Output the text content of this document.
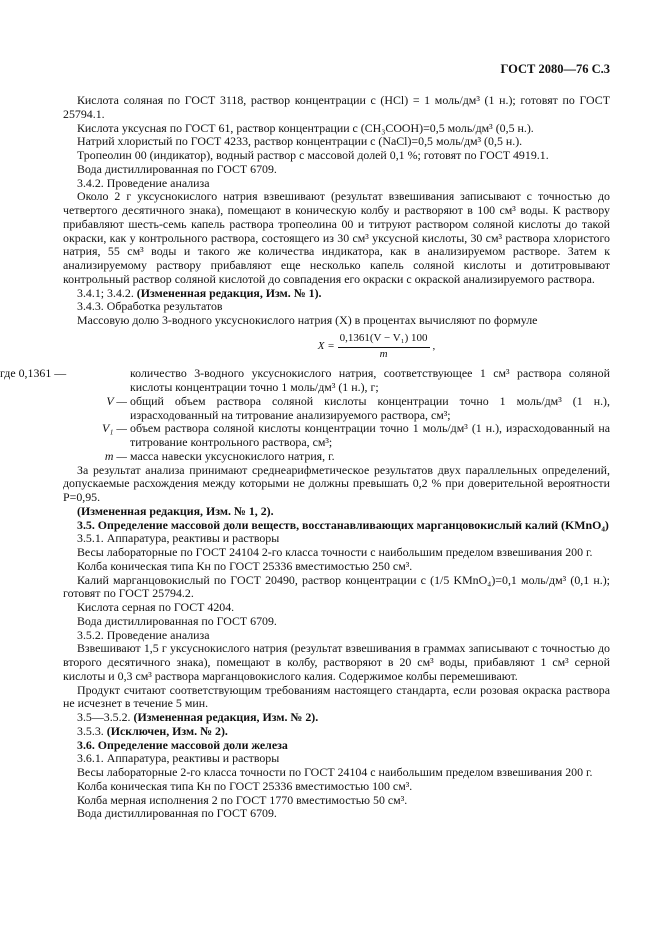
ГОСТ 2080—76 С.3

Кислота соляная по ГОСТ 3118, раствор концентрации c (HCl) = 1 моль/дм³ (1 н.); готовят по ГОСТ 25794.1.

Кислота уксусная по ГОСТ 61, раствор концентрации c (CH₃COOH)=0,5 моль/дм³ (0,5 н.).

Натрий хлористый по ГОСТ 4233, раствор концентрации c (NaCl)=0,5 моль/дм³ (0,5 н.).

Тропеолин 00 (индикатор), водный раствор с массовой долей 0,1 %; готовят по ГОСТ 4919.1.

Вода дистиллированная по ГОСТ 6709.

3.4.2. Проведение анализа

Около 2 г уксуснокислого натрия взвешивают (результат взвешивания записывают с точностью до четвертого десятичного знака), помещают в коническую колбу и растворяют в 100 см³ воды. К раствору прибавляют шесть-семь капель раствора тропеолина 00 и титруют раствором соляной кислоты до такой окраски, как у контрольного раствора, состоящего из 30 см³ уксусной кислоты, 30 см³ раствора хлористого натрия, 55 см³ воды и такого же количества индикатора, как в анализируемом растворе. Затем к анализируемому раствору прибавляют еще несколько капель соляной кислоты и дотитровывают контрольный раствор соляной кислотой до совпадения его окраски с окраской анализируемого раствора.

3.4.1; 3.4.2. (Измененная редакция, Изм. № 1).

3.4.3. Обработка результатов

Массовую долю 3-водного уксуснокислого натрия (X) в процентах вычисляют по формуле

$X = \frac{\text{0,1361(V − V₁) 100}}{m}$ ,
где 0,1361 —	количество 3-водного уксуснокислого натрия, соответствующее 1 см³ раствора соляной кислоты концентрации точно 1 моль/дм³ (1 н.), г;
V — общий объем раствора соляной кислоты концентрации точно 1 моль/дм³ (1 н.), израсходованный на титрование анализируемого раствора, см³;
V₁ — объем раствора соляной кислоты концентрации точно 1 моль/дм³ (1 н.), израсходованный на титрование контрольного раствора, см³;
m — масса навески уксуснокислого натрия, г.

За результат анализа принимают среднеарифметическое результатов двух параллельных определений, допускаемые расхождения между которыми не должны превышать 0,2 % при доверительной вероятности P=0,95.

(Измененная редакция, Изм. № 1, 2).

3.5. Определение массовой доли веществ, восстанавливающих марганцовокислый калий (KMnO₄)

3.5.1. Аппаратура, реактивы и растворы

Весы лабораторные по ГОСТ 24104 2-го класса точности с наибольшим пределом взвешивания 200 г.

Колба коническая типа Кн по ГОСТ 25336 вместимостью 250 см³.

Калий марганцовокислый по ГОСТ 20490, раствор концентрации c (1/5 KMnO₄)=0,1 моль/дм³ (0,1 н.); готовят по ГОСТ 25794.2.

Кислота серная по ГОСТ 4204.

Вода дистиллированная по ГОСТ 6709.

3.5.2. Проведение анализа

Взвешивают 1,5 г уксуснокислого натрия (результат взвешивания в граммах записывают с точностью до второго десятичного знака), помещают в колбу, растворяют в 20 см³ воды, прибавляют 1 см³ серной кислоты и 0,3 см³ раствора марганцовокислого калия. Содержимое колбы перемешивают.

Продукт считают соответствующим требованиям настоящего стандарта, если розовая окраска раствора не исчезнет в течение 5 мин.

3.5—3.5.2. (Измененная редакция, Изм. № 2).

3.5.3. (Исключен, Изм. № 2).

3.6. Определение массовой доли железа

3.6.1. Аппаратура, реактивы и растворы

Весы лабораторные 2-го класса точности по ГОСТ 24104 с наибольшим пределом взвешивания 200 г.

Колба коническая типа Кн по ГОСТ 25336 вместимостью 100 см³.

Колба мерная исполнения 2 по ГОСТ 1770 вместимостью 50 см³.

Вода дистиллированная по ГОСТ 6709.
